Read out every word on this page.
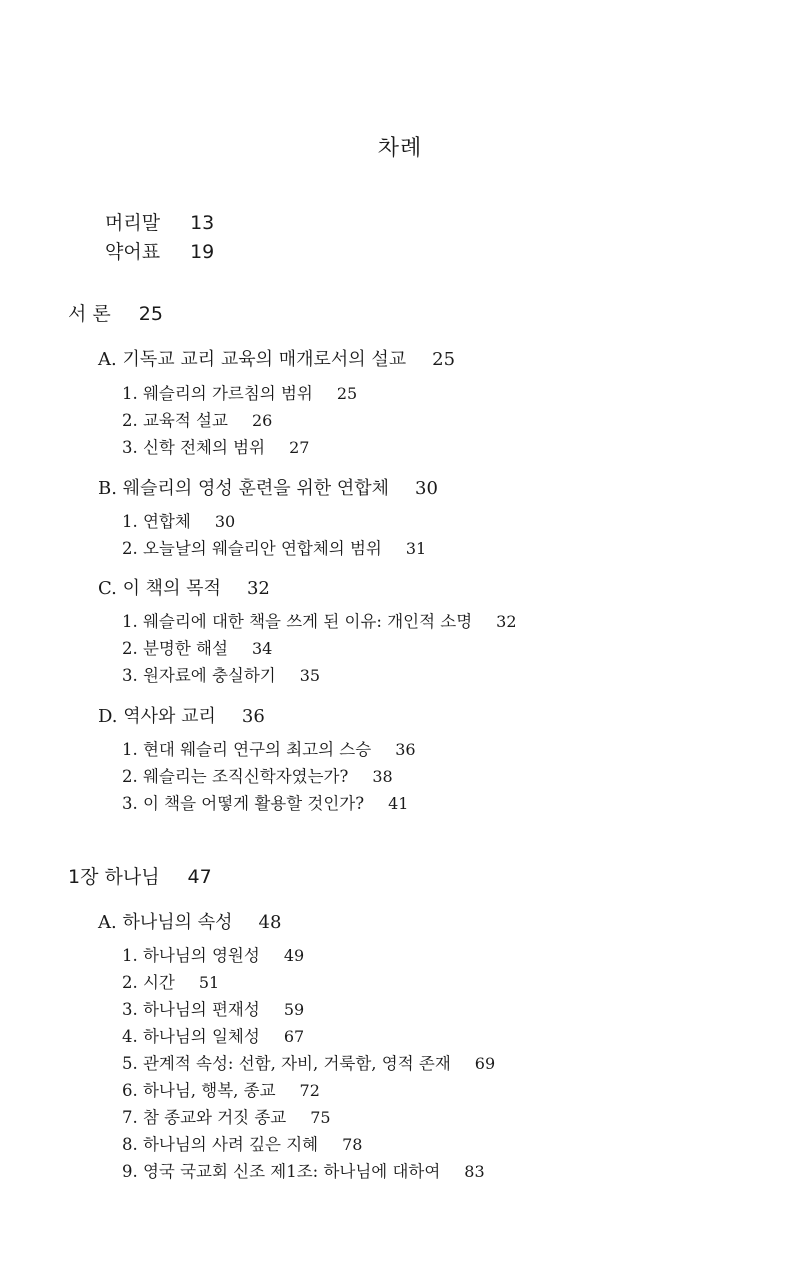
차례
머리말 13
약어표 19
서 론 25
A. 기독교 교리 교육의 매개로서의 설교 25
1. 웨슬리의 가르침의 범위 25
2. 교육적 설교 26
3. 신학 전체의 범위 27
B. 웨슬리의 영성 훈련을 위한 연합체 30
1. 연합체 30
2. 오늘날의 웨슬리안 연합체의 범위 31
C. 이 책의 목적 32
1. 웨슬리에 대한 책을 쓰게 된 이유: 개인적 소명 32
2. 분명한 해설 34
3. 원자료에 충실하기 35
D. 역사와 교리 36
1. 현대 웨슬리 연구의 최고의 스승 36
2. 웨슬리는 조직신학자였는가? 38
3. 이 책을 어떻게 활용할 것인가? 41
1장 하나님 47
A. 하나님의 속성 48
1. 하나님의 영원성 49
2. 시간 51
3. 하나님의 편재성 59
4. 하나님의 일체성 67
5. 관계적 속성: 선함, 자비, 거룩함, 영적 존재 69
6. 하나님, 행복, 종교 72
7. 참 종교와 거짓 종교 75
8. 하나님의 사려 깊은 지혜 78
9. 영국 국교회 신조 제1조: 하나님에 대하여 83
